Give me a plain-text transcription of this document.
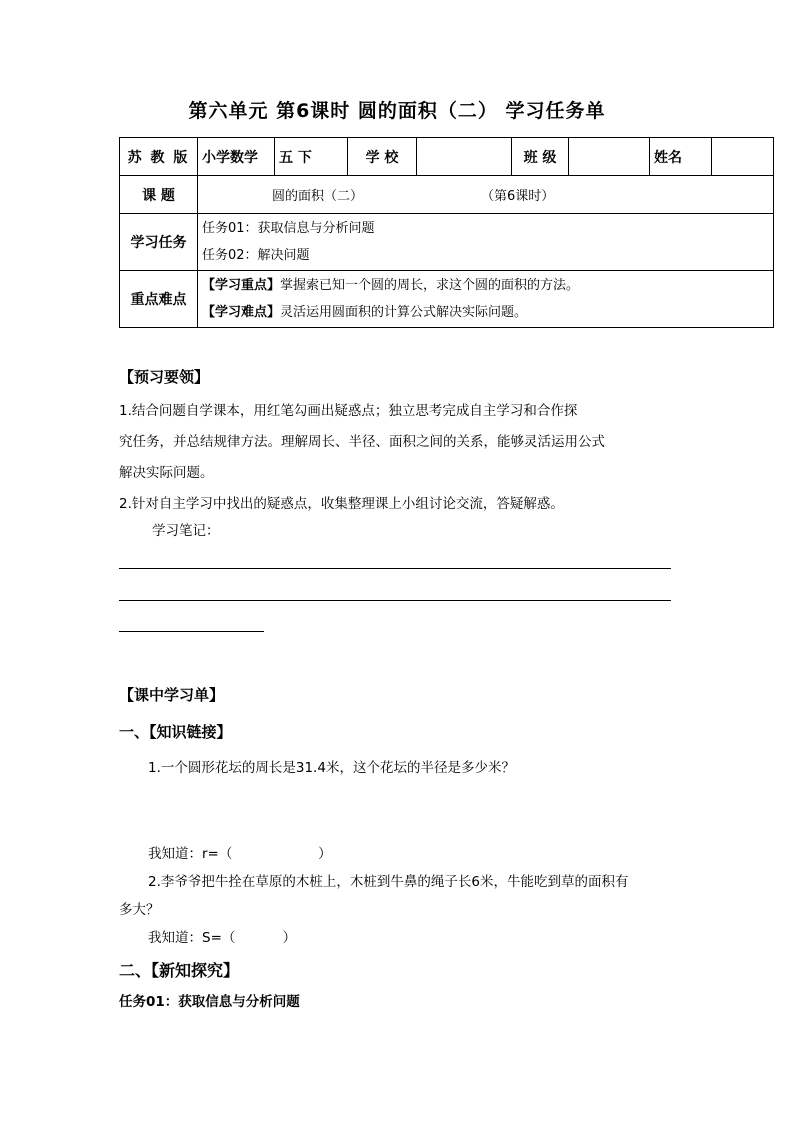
第六单元 第6课时 圆的面积（二） 学习任务单
苏 教 版	小学数学	五 下	学 校		班 级		姓名	
课 题	圆的面积（二） （第6课时）							
学习任务	任务01：获取信息与分析问题
任务02：解决问题							

重点难点	【学习重点】掌握索已知一个圆的周长，求这个圆的面积的方法。
【学习难点】灵活运用圆面积的计算公式解决实际问题。							
【预习要领】
1.结合问题自学课本，用红笔勾画出疑惑点；独立思考完成自主学习和合作探
究任务，并总结规律方法。理解周长、半径、面积之间的关系，能够灵活运用公式
解决实际问题。
2.针对自主学习中找出的疑惑点，收集整理课上小组讨论交流，答疑解惑。
学习笔记：
【课中学习单】
一、【知识链接】
1.一个圆形花坛的周长是31.4米，这个花坛的半径是多少米？
我知道：r=（                    ）
2.李爷爷把牛拴在草原的木桩上，木桩到牛鼻的绳子长6米，牛能吃到草的面积有
多大？
我知道：S=（           ）
二、【新知探究】
任务01：获取信息与分析问题
